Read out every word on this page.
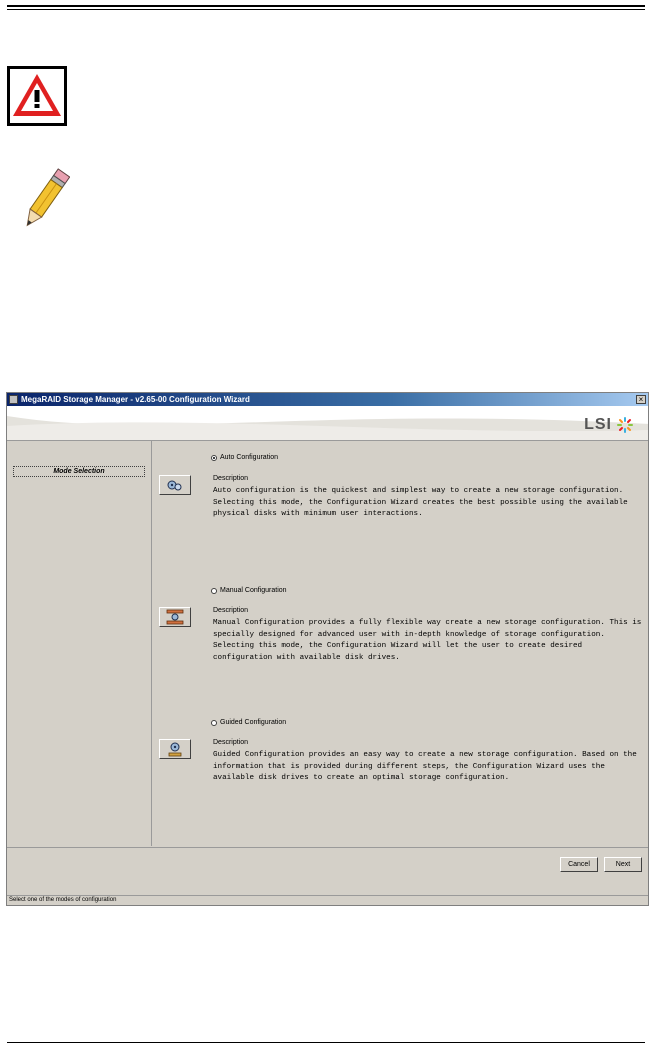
MegaRAID Storage Manager - v2.65-00 Configuration Wizard	×
LSI
Mode Selection
Auto Configuration
Description
Auto configuration is the quickest and simplest way to create a new storage configuration. Selecting this mode, the Configuration Wizard creates the best possible using the available physical disks with minimum user interactions.
Manual Configuration
Description
Manual Configuration provides a fully flexible way create a new storage configuration. This is specially designed for advanced user with in-depth knowledge of storage configuration. Selecting this mode, the Configuration Wizard will let the user to create desired configuration with available disk drives.
Guided Configuration
Description
Guided Configuration provides an easy way to create a new storage configuration. Based on the information that is provided during different steps, the Configuration Wizard uses the available disk drives to create an optimal storage configuration.
Cancel	Next
Select one of the modes of configuration
